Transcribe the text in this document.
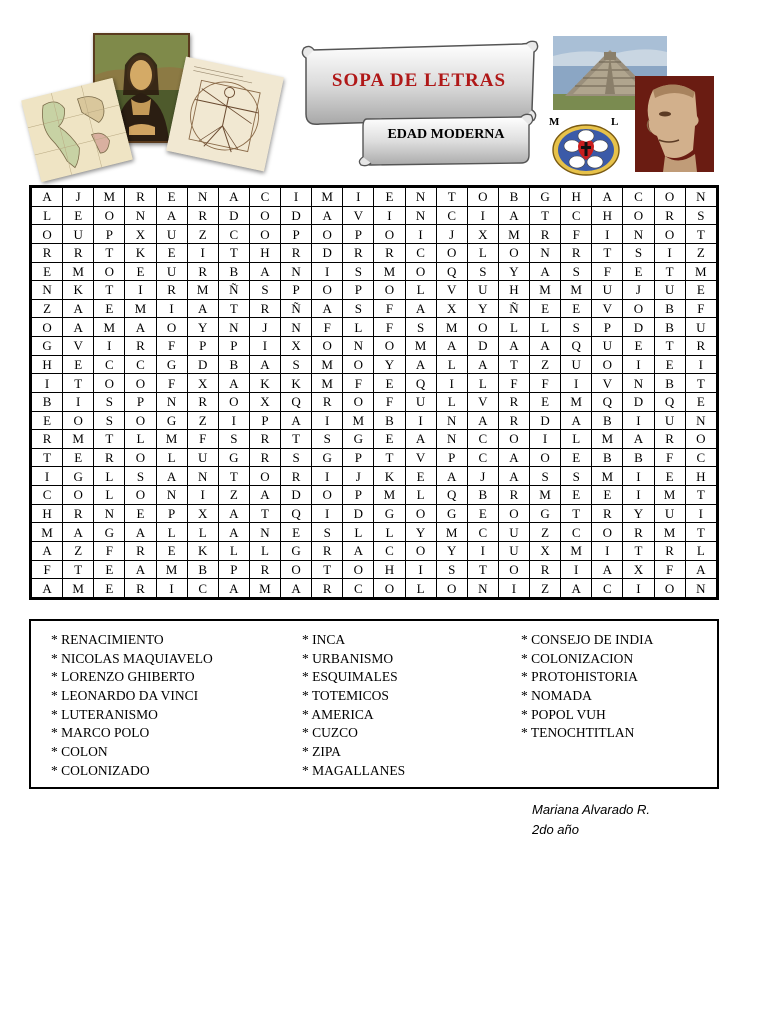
SOPA DE LETRAS
EDAD MODERNA
M	L
A	J	M	R	E	N	A	C	I	M	I	E	N	T	O	B	G	H	A	C	O	N
L	E	O	N	A	R	D	O	D	A	V	I	N	C	I	A	T	C	H	O	R	S
O	U	P	X	U	Z	C	O	P	O	P	O	I	J	X	M	R	F	I	N	O	T
R	R	T	K	E	I	T	H	R	D	R	R	C	O	L	O	N	R	T	S	I	Z
E	M	O	E	U	R	B	A	N	I	S	M	O	Q	S	Y	A	S	F	E	T	M
N	K	T	I	R	M	Ñ	S	P	O	P	O	L	V	U	H	M	M	U	J	U	E
Z	A	E	M	I	A	T	R	Ñ	A	S	F	A	X	Y	Ñ	E	E	V	O	B	F
O	A	M	A	O	Y	N	J	N	F	L	F	S	M	O	L	L	S	P	D	B	U
G	V	I	R	F	P	P	I	X	O	N	O	M	A	D	A	A	Q	U	E	T	R
H	E	C	C	G	D	B	A	S	M	O	Y	A	L	A	T	Z	U	O	I	E	I
I	T	O	O	F	X	A	K	K	M	F	E	Q	I	L	F	F	I	V	N	B	T
B	I	S	P	N	R	O	X	Q	R	O	F	U	L	V	R	E	M	Q	D	Q	E
E	O	S	O	G	Z	I	P	A	I	M	B	I	N	A	R	D	A	B	I	U	N
R	M	T	L	M	F	S	R	T	S	G	E	A	N	C	O	I	L	M	A	R	O
T	E	R	O	L	U	G	R	S	G	P	T	V	P	C	A	O	E	B	B	F	C
I	G	L	S	A	N	T	O	R	I	J	K	E	A	J	A	S	S	M	I	E	H
C	O	L	O	N	I	Z	A	D	O	P	M	L	Q	B	R	M	E	E	I	M	T
H	R	N	E	P	X	A	T	Q	I	D	G	O	G	E	O	G	T	R	Y	U	I
M	A	G	A	L	L	A	N	E	S	L	L	Y	M	C	U	Z	C	O	R	M	T
A	Z	F	R	E	K	L	L	G	R	A	C	O	Y	I	U	X	M	I	T	R	L
F	T	E	A	M	B	P	R	O	T	O	H	I	S	T	O	R	I	A	X	F	A
A	M	E	R	I	C	A	M	A	R	C	O	L	O	N	I	Z	A	C	I	O	N
* RENACIMIENTO
* NICOLAS MAQUIAVELO
* LORENZO GHIBERTO
* LEONARDO DA VINCI
* LUTERANISMO
* MARCO POLO
* COLON
* COLONIZADO
* INCA
* URBANISMO
* ESQUIMALES
* TOTEMICOS
* AMERICA
* CUZCO
* ZIPA
* MAGALLANES
* CONSEJO DE INDIA
* COLONIZACION
* PROTOHISTORIA
* NOMADA
* POPOL VUH
* TENOCHTITLAN
Mariana Alvarado R.
2do año
